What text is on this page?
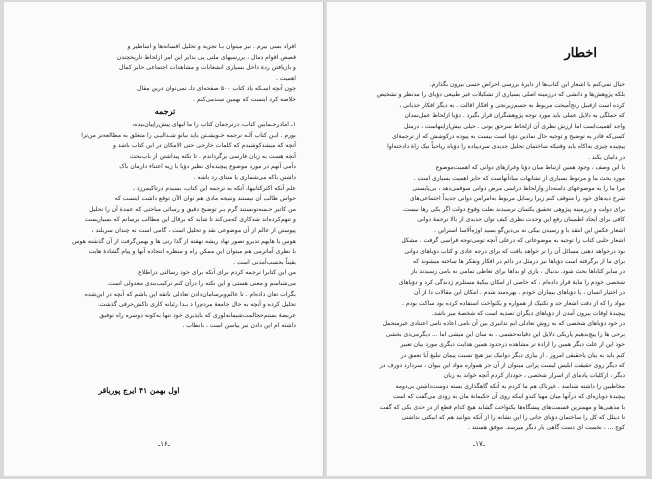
افراد بسی بیرم . نیز میتوان بـا تجزیه و تحلیل افسانه‌ها و اساطیر و
قصص اقوام دمال ، بررسیهای ملتی پی بدایر این امر ازلحاظ تاریخچندن
و بازیافتن ردهٔ داخل بسیاری انشعابات و مشاهدات اجتماعی حایز کمال
اهمیت .
چون آنچه اسـکه یاد کتاب ۵۰۰ صفحه‌ای داـ نمی‌توان درین مقال
خلاصه کرد اینست که بهمین سندمی‌کنم .
ترجمه
۱ـ امادرجـمایین کتاب، درترجمان کتاب را ما لبهای پیش‌راپیان‌بیده،
بورم . ایـن کتاب آلـه ترجمه خـویشـتن یاید بیانو شـدالیـی را متعلق به مطالعه‌تر من‌ترا
آنچه که میشدکوشیدم که کلمات خارجی حتی الامکان در این کتاب باشد و
آنچه هست به زبان فارسی برگرداندم . تا نکته پیداشتن از باب‌بحث
دآمی آنهم در مورد موضوع پیچیده‌ای نظیر دؤیا با زیه اعتناء دارمان باک
داشتن باکه می‌شماری یا منتای رد باشه .
علم آنکه اکثرکتابیها، آنکه به ترجمه این کتاب، بسیدم درتاکیمرزد ،
حواس طالب آن نیستند ونتیجه مادی هم توان الآن توقع داشت اینست که
من کاتبر حـسه‌تونستند گرم بـر توضیح دقیق و رسائی مباحثی که عمدهٔ آن را تحلیل
و تنهم‌کرده‌اند شدکاری که‌می‌کند تا شاید که برقال این مطالب برسانم که بسیاریست
پیوستن از عالم از آن موضوعی نقد و تحلیل است ، گامی است نه چندان سربلند ،
هوس یا هایهم تدیرو تصور نهاد ریشه نهفته از گذا رتی ها و بهمن‌گرفت از آن گذشته هوس
با نظری آماترمی هم میتوان این ممکن راه و منظره انتحاده آنها و پیام گشادهٔ هایت
بقیناً بحسب‌آمدنی است .
من این کتابرا ترجمه کردم برای آنکه برای خود رسالتی دراطلاع
می‌شناسم و معنی هستی و این نکته را درآن کنم ترکیب‌بندی معدولی است.
بگرات تعان داده‌ام . تا عالم‌وبرسامان‌دادن تعادلی ناتقه این باشم که آنچه در این‌شده
تحلیل کرده و آنچه به حال جامعهٔ مردم‌را ذ بـدا‌ رئیانه کاری ناکش‌حرفی گذشت.
عریضهٔ بستم‌حجالمت‌شیمانه‌لوری که بایذیری خود تنها به‌کونه دوسره راه توفیق
داشته ام این دادن نیر بیاسن است . بانطاب .
اول بهمن ۴۱ ایرج پورباقر
ـ۱۶ـ
اخطار
خیال نمی‌کنم با اشعار این کتاب‌ها از دایرهٔ بررسی احراض حسی بیرون بگذارم.
بلکه پژوهش‌ها و دانشی که درزمینه اصلی بسیاری از تشکیلات غیر طبیعی دؤیای را مدنظر و تشخیص
کرده است ازقبیل رنج‌آمیخت مربوط به جسم‌زیرنجی و افکار اقالت . به دیگر افکار حذیانی ،
که حملگی به دلایل عملی باید مورد توجه پژوهشگران قرار بگیرد . دؤیا ازلحاظ عمل‌نمدان
واجد اهمیت‌است اما ارزش نظری آن ازلحاظ سرحق بونی . حیلی بیش‌ازاینهاست ، درمثل
کسی‌که قادر به توضیح و توجیه حال نمادین دؤیا است بیست به پیوده درکوشش که از ترجمهٔ‌ای
پیچیده چیزی به‌اکاه یابد وقتیکه ساختمان تحلیل جدیدی سردپیاده را دؤیاه ر‌یاجباً نیک راهٔ دادخته‌اوا
در دامان بکند .
با این وصف ، وجود همین ارتباط میان دؤیا وغرارهای دوانی که اهمیت‌موضوع
مورد بحث ما و مرتوط بسیاری از تشابهات میانآنها‌ست که حایز اهمیت بسیاری است .
مرا ما را به موضوعهای دامنه‌دار وازلحاظ دراسی مرض دوانی سوقمی‌دهد ، بی‌پایستی
شرح دیدهای خود را متوقف کنم زیرا رسایل مربوط به‌امرامن دوانی جدیداً اجتماعی‌ها‌ی
برای دولت و درزمینه پیژوهی تحقیق یکسان نرسیدند بعلت وقوع دولت اگر یکی رها نیست.
کافی برای ایجاد اطمینان رفع این وحدت نظری کیف توان جدیدی از بالا ترجمهٔ دوانی
اشعار عکس این انتقد با و رسیدن بیکی نه بی‌دین‌گو بسید اوژه‌آلاسا استراین .
اشعار حلبی کتاب را توجیه به موضوعاتی که درعلی آنچه تومی‌توجه قراسی گرفت . مشکل
بود درخواهد ذهنی مسائل آن را تر خواهد یافت که برای درجه عادی و کتاب دؤیاهای دوانی
برای ما از برگرفته است دؤیا‌ها نیز درمثل در دائم در افکار وتفکر ها ساخته میشوند که
در سایر کتاباها بحث شود. بدنیال ، یاری او بدا‌ها برای تعاطی تمامی نه بامی رسیدند باز
شخصی خودم را مایهٔ قرار داد‌ه‌ام ، که خاصی از امکان بیکیهٔ مستلزم ژدندگی کرد و دؤیاهای
در اختیار انسان ، یا دؤیاهای بیماران خودم . بهره‌مند شدم . امکان این مقالات دا از آن
مواد را که از دقت اشعار جد و تکنیک از همواره و یکنواخت استفاده کرده بود ساکت بودم .
پیچیدهٔ اوقات بیرون آمدن از دؤیاهای دیگران تصدیه است که شخصهٔ میر باشد.
در خود دؤیا‌های شخصی که به روش تعادلی ایم تدابیری بین آن نامی اعاده نامی اعتنادی غیرمتحمل
برخی ها را پیچ‌بدهیم پاریکی دلایل این‌ دقیانه‌حشمی . به سان این میشی اما ... دیگرمی‌دی بخشی
خود این از علت دیگر همین را ارادهٔ تر مشاهده درحدود همین هدایت دیگری مورد بیان تعبیر
کنم باید به بیان یاحقیقی امروز . از بیاری دیگر دوانیک نیز هیچ نسبت پیمان تبلیغ آیا تعمق در
که دیگر روی حقیقت ابلیس لیست پرانی میتوان از آن جز همواره مواد این بیوان ، سردارد دورف در
دیگر ، ازکلیات پادمای از اسرار شخصی ، خوددار کردم آنچه خواند به زبان
مخاطبین را داشته شناسد . غیرناک هم ما کردم به آنکه گاهگذاری بسته دوست‌داشتن بی‌دومه
پیچیدهٔ دوباره‌ای که درآنها میان مهیا کندو اینکه روی آن حکیمانهٔ مان به زودی می‌گفت که است
با مذهبی‌ها و مهمترین قسمت‌های پیشگاه‌ها یکنواخت گشاید هیچ کدام قطع از در حدی یکی که گفت
تا دینلل که کل را ساختمان دؤیای جانی را این نشانه را از آنکه بتوانید هم که ابیکتی نداشتی
کوچ ... ، نخست ای دست گاهی بار دیگر میرسد. موفق هستند .
ـ۱۷ـ
